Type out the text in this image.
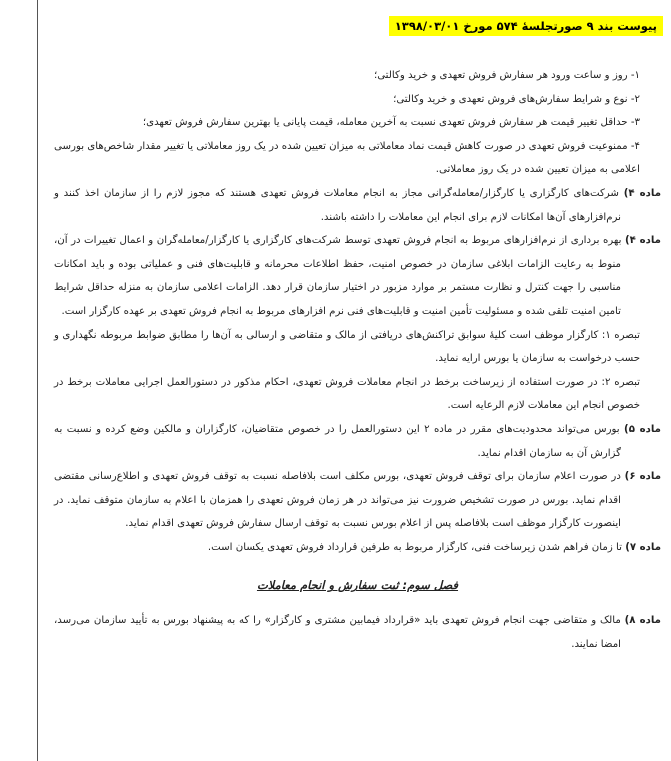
پیوست بند ۹ صورتجلسهٔ ۵۷۴ مورخ ۱۳۹۸/۰۳/۰۱

۱- روز و ساعت ورود هر سفارش فروش تعهدی و خرید وکالتی؛

۲- نوع و شرایط سفارش‌های فروش تعهدی و خرید وکالتی؛

۳- حداقل تغییر قیمت هر سفارش فروش تعهدی نسبت به آخرین معامله، قیمت پایانی یا بهترین سفارش فروش تعهدی؛

۴- ممنوعیت فروش تعهدی در صورت کاهش قیمت نماد معاملاتی به میزان تعیین شده در یک روز معاملاتی یا تغییر مقدار شاخص‌های بورسی اعلامی به میزان تعیین شده در یک روز معاملاتی.

ماده ۴) شرکت‌های کارگزاری یا کارگزار/معامله‌گرانی مجاز به انجام معاملات فروش تعهدی هستند که مجوز لازم را از سازمان اخذ کنند و نرم‌افزارهای آن‌ها امکانات لازم برای انجام این معاملات را داشته باشند.

ماده ۴) بهره برداری از نرم‌افزارهای مربوط به انجام فروش تعهدی توسط شرکت‌های کارگزاری یا کارگزار/معامله‌گران و اعمال تغییرات در آن، منوط به رعایت الزامات ابلاغی سازمان در خصوص امنیت، حفظ اطلاعات محرمانه و قابلیت‌های فنی و عملیاتی بوده و باید امکانات مناسبی را جهت کنترل و نظارت مستمر بر موارد مزبور در اختیار سازمان قرار دهد. الزامات اعلامی سازمان به منزله حداقل شرایط تامین امنیت تلقی شده و مسئولیت تأمین امنیت و قابلیت‌های فنی نرم افزارهای مربوط به انجام فروش تعهدی بر عهده کارگزار است.

تبصره ۱: کارگزار موظف است کلیهٔ سوابق تراکنش‌های دریافتی از مالک و متقاضی و ارسالی به آن‌ها را مطابق ضوابط مربوطه نگهداری و حسب درخواست به سازمان یا بورس ارایه نماید.

تبصره ۲: در صورت استفاده از زیرساخت برخط در انجام معاملات فروش تعهدی، احکام مذکور در دستورالعمل اجرایی معاملات برخط در خصوص انجام این معاملات لازم الرعایه است.

ماده ۵) بورس می‌تواند محدودیت‌های مقرر در ماده ۲ این دستورالعمل را در خصوص متقاضیان، کارگزاران و مالکین وضع کرده و نسبت به گزارش آن به سازمان اقدام نماید.

ماده ۶) در صورت اعلام سازمان برای توقف فروش تعهدی، بورس مکلف است بلافاصله نسبت به توقف فروش تعهدی و اطلاع‌رسانی مقتضی اقدام نماید. بورس در صورت تشخیص ضرورت نیز می‌تواند در هر زمان فروش تعهدی را همزمان با اعلام به سازمان متوقف نماید. در اینصورت کارگزار موظف است بلافاصله پس از اعلام بورس نسبت به توقف ارسال سفارش فروش تعهدی اقدام نماید.

ماده ۷) تا زمان فراهم شدن زیرساخت فنی، کارگزار مربوط به طرفین قرارداد فروش تعهدی یکسان است.

فصل سوم: ثبت سفارش و انجام معاملات

ماده ۸) مالک و متقاضی جهت انجام فروش تعهدی باید «قرارداد فیمابین مشتری و کارگزار» را که به پیشنهاد بورس به تأیید سازمان می‌رسد، امضا نمایند.
